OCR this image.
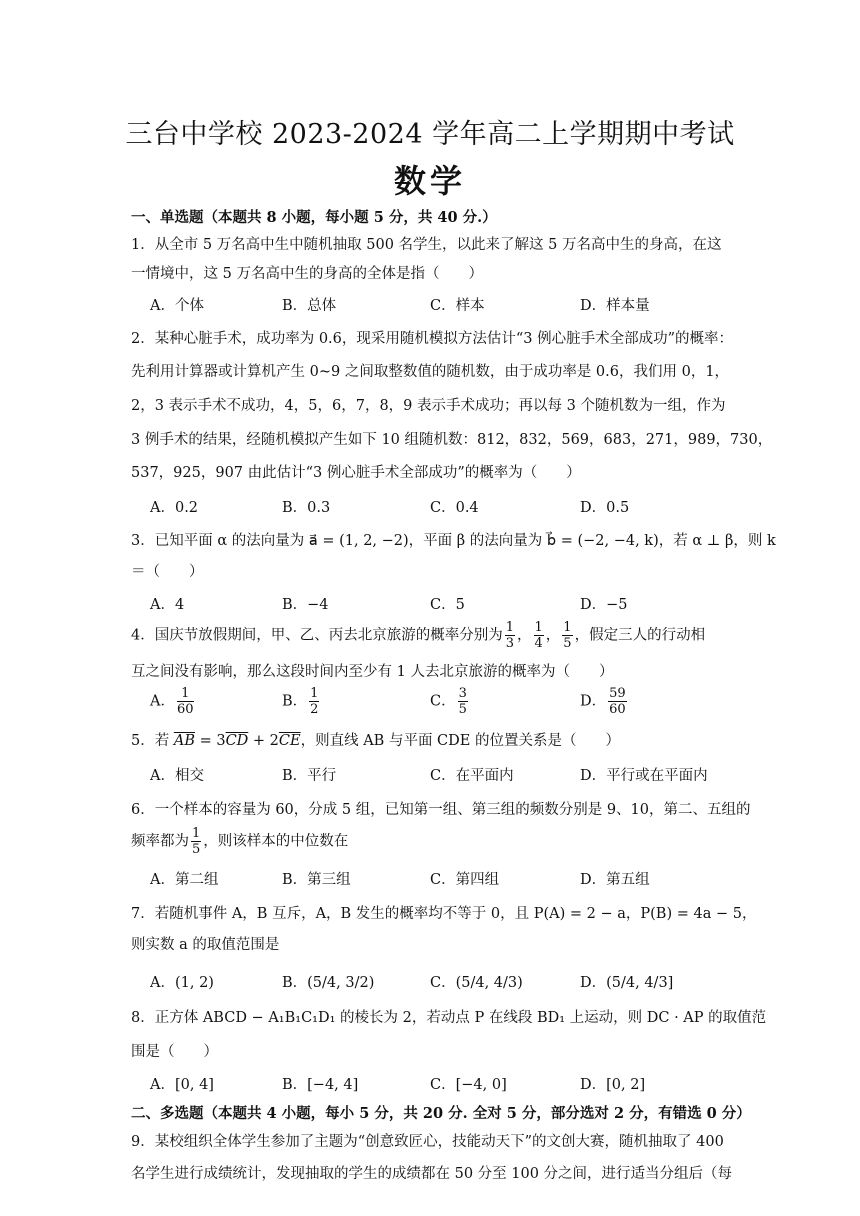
三台中学校 2023-2024 学年高二上学期期中考试
数学
一、单选题（本题共 8 小题，每小题 5 分，共 40 分.）
1．从全市 5 万名高中生中随机抽取 500 名学生，以此来了解这 5 万名高中生的身高，在这
一情境中，这 5 万名高中生的身高的全体是指（　　）
A．个体	B．总体	C．样本	D．样本量
2．某种心脏手术，成功率为 0.6，现采用随机模拟方法估计“3 例心脏手术全部成功”的概率：
先利用计算器或计算机产生 0~9 之间取整数值的随机数，由于成功率是 0.6，我们用 0，1，
2，3 表示手术不成功，4，5，6，7，8，9 表示手术成功；再以每 3 个随机数为一组，作为
3 例手术的结果，经随机模拟产生如下 10 组随机数：812，832，569，683，271，989，730，
537，925，907 由此估计“3 例心脏手术全部成功”的概率为（　　）
A．0.2	B．0.3	C．0.4	D．0.5
3．已知平面 α 的法向量为 a⃗ = (1, 2, −2)，平面 β 的法向量为 b⃗ = (−2, −4, k)，若 α ⊥ β，则 k
＝（　　）
A．4	B．−4	C．5	D．−5
4．国庆节放假期间，甲、乙、丙去北京旅游的概率分别为 $\frac{1}{3}$ ， $\frac{1}{4}$ ， $\frac{1}{5}$ ，假定三人的行动相
互之间没有影响，那么这段时间内至少有 1 人去北京旅游的概率为（　　）
A． $\frac{1}{60}$	B． $\frac{1}{2}$	C． $\frac{3}{5}$	D． $\frac{59}{60}$
5．若 $\overline{AB} = 3\overline{CD} + 2\overline{CE}$，则直线 AB 与平面 CDE 的位置关系是（　　）
A．相交	B．平行	C．在平面内	D．平行或在平面内
6．一个样本的容量为 60，分成 5 组，已知第一组、第三组的频数分别是 9、10，第二、五组的
频率都为 $\frac{1}{5}$ ，则该样本的中位数在
A．第二组	B．第三组	C．第四组	D．第五组
7．若随机事件 A，B 互斥，A，B 发生的概率均不等于 0，且 P(A) = 2 − a，P(B) = 4a − 5，
则实数 a 的取值范围是
A．(1, 2)	B．(5/4, 3/2)	C．(5/4, 4/3)	D．(5/4, 4/3]
8．正方体 ABCD − A₁B₁C₁D₁ 的棱长为 2，若动点 P 在线段 BD₁ 上运动，则 DC · AP 的取值范
围是（　　）
A．[0, 4]	B．[−4, 4]	C．[−4, 0]	D．[0, 2]
二、多选题（本题共 4 小题，每小 5 分，共 20 分. 全对 5 分，部分选对 2 分，有错选 0 分）
9．某校组织全体学生参加了主题为“创意致匠心，技能动天下”的文创大赛，随机抽取了 400
名学生进行成绩统计，发现抽取的学生的成绩都在 50 分至 100 分之间，进行适当分组后（每
